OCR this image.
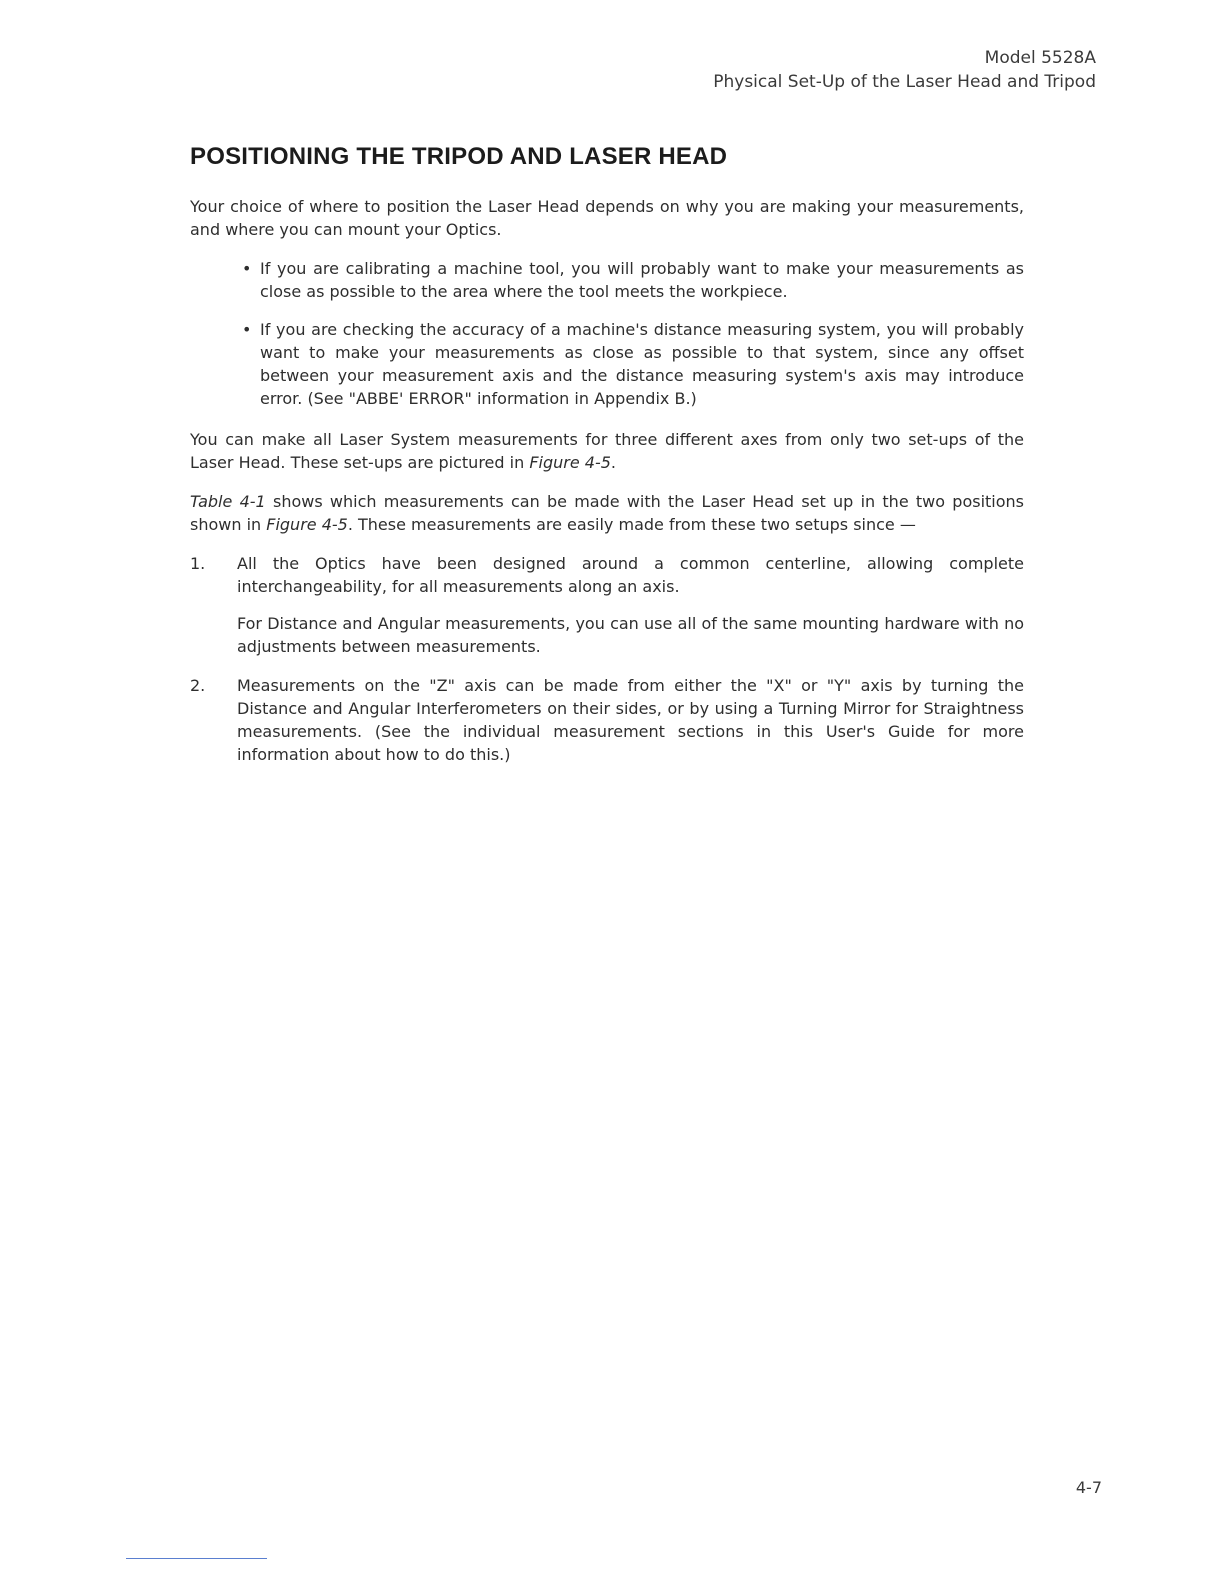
Model 5528A
Physical Set-Up of the Laser Head and Tripod
POSITIONING THE TRIPOD AND LASER HEAD

Your choice of where to position the Laser Head depends on why you are making your measurements, and where you can mount your Optics.

• If you are calibrating a machine tool, you will probably want to make your measurements as close as possible to the area where the tool meets the workpiece.
• If you are checking the accuracy of a machine's distance measuring system, you will probably want to make your measurements as close as possible to that system, since any offset between your measurement axis and the distance measuring system's axis may introduce error. (See "ABBE' ERROR" information in Appendix B.)

You can make all Laser System measurements for three different axes from only two set-ups of the Laser Head. These set-ups are pictured in Figure 4-5.

Table 4-1 shows which measurements can be made with the Laser Head set up in the two positions shown in Figure 4-5. These measurements are easily made from these two setups since —

1. All the Optics have been designed around a common centerline, allowing complete interchangeability, for all measurements along an axis.

For Distance and Angular measurements, you can use all of the same mounting hardware with no adjustments between measurements.

2. Measurements on the "Z" axis can be made from either the "X" or "Y" axis by turning the Distance and Angular Interferometers on their sides, or by using a Turning Mirror for Straightness measurements. (See the individual measurement sections in this User's Guide for more information about how to do this.)

4-7
